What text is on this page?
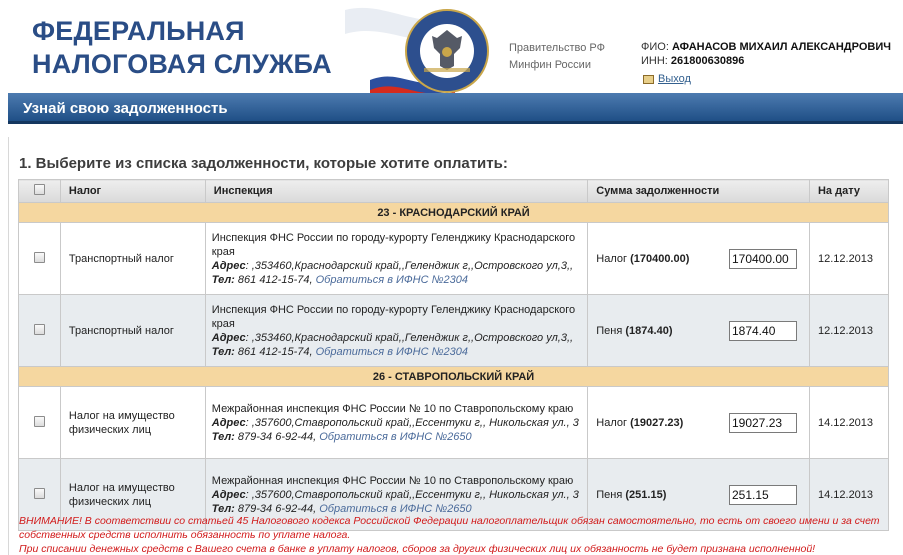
ФЕДЕРАЛЬНАЯ
НАЛОГОВАЯ СЛУЖБА
Правительство РФ
Минфин России
ФИО: АФАНАСОВ МИХАИЛ АЛЕКСАНДРОВИЧ
ИНН: 261800630896
Выход
Узнай свою задолженность
1. Выберите из списка задолженности, которые хотите оплатить:
	Налог	Инспекция	Сумма задолженности	На дату
23 - КРАСНОДАРСКИЙ КРАЙ				
	Транспортный налог	Инспекция ФНС России по городу-курорту Геленджику Краснодарского края
Адрес: ,353460,Краснодарский край,,Геленджик г,,Островского ул,3,,
Тел: 861 412-15-74, Обратиться в ИФНС №2304	Налог (170400.00)
170400.00	12.12.2013
	Транспортный налог	Инспекция ФНС России по городу-курорту Геленджику Краснодарского края
Адрес: ,353460,Краснодарский край,,Геленджик г,,Островского ул,3,,
Тел: 861 412-15-74, Обратиться в ИФНС №2304	Пеня (1874.40)
1874.40	12.12.2013
26 - СТАВРОПОЛЬСКИЙ КРАЙ				
	Налог на имущество физических лиц	Межрайонная инспекция ФНС России № 10 по Ставропольскому краю
Адрес: ,357600,Ставропольский край,,Ессентуки г,, Никольская ул., 3
Тел: 879-34 6-92-44, Обратиться в ИФНС №2650	Налог (19027.23)
19027.23	14.12.2013
	Налог на имущество физических лиц	Межрайонная инспекция ФНС России № 10 по Ставропольскому краю
Адрес: ,357600,Ставропольский край,,Ессентуки г,, Никольская ул., 3
Тел: 879-34 6-92-44, Обратиться в ИФНС №2650	Пеня (251.15)
251.15	14.12.2013
ВНИМАНИЕ! В соответствии со статьей 45 Налогового кодекса Российской Федерации налогоплательщик обязан самостоятельно, то есть от своего имени и за счет собственных средств исполнить обязанность по уплате налога.
При списании денежных средств с Вашего счета в банке в уплату налогов, сборов за других физических лиц их обязанность не будет признана исполненной!
